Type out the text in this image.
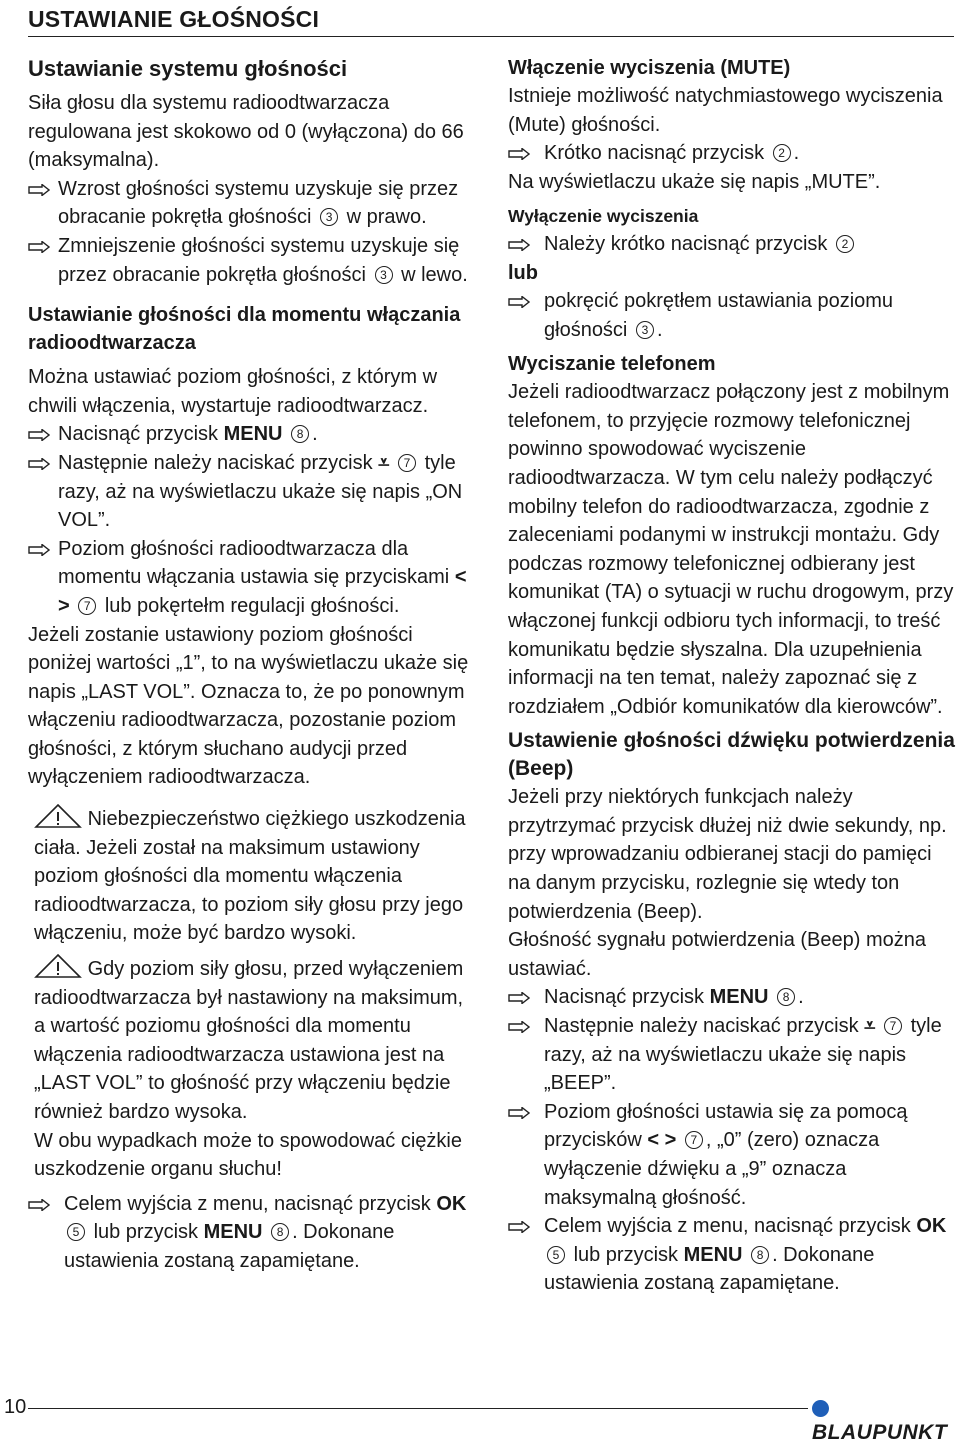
USTAWIANIE GŁOŚNOŚCI
Ustawianie systemu głośności

Siła głosu dla systemu radioodtwarzacza regulowana jest skokowo od 0 (wyłączona) do 66 (maksymalna).

Wzrost głośności systemu uzyskuje się przez obracanie pokrętła głośności 3 w prawo.
Zmniejszenie głośności systemu uzyskuje się przez obracanie pokrętła głośności 3 w lewo.
Ustawianie głośności dla momentu włączania radioodtwarzacza

Można ustawiać poziom głośności, z którym w chwili włączenia, wystartuje radioodtwarzacz.

Nacisnąć przycisk MENU 8 .
Następnie należy naciskać przycisk ⩡ 7 tyle razy, aż na wyświetlaczu ukaże się napis „ON VOL”.
Poziom głośności radioodtwarzacza dla momentu włączania ustawia się przyciskami < > 7 lub pokęrtełm regulacji głośności.

Jeżeli zostanie ustawiony poziom głośności poniżej wartości „1”, to na wyświetlaczu ukaże się napis „LAST VOL”. Oznacza to, że po ponownym włączeniu radioodtwarzacza, pozostanie poziom głośności, z którym słuchano audycji przed wyłączeniem radioodtwarzacza.

Niebezpieczeństwo ciężkiego uszkodzenia ciała. Jeżeli został na maksimum ustawiony poziom głośności dla momentu włączenia radioodtwarzacza, to poziom siły głosu przy jego włączeniu, może być bardzo wysoki.

Gdy poziom siły głosu, przed wyłączeniem radioodtwarzacza był nastawiony na maksimum, a wartość poziomu głośności dla momentu włączenia radioodtwarzacza ustawiona jest na „LAST VOL” to głośność przy włączeniu będzie również bardzo wysoka.

W obu wypadkach może to spowodować ciężkie uszkodzenie organu słuchu!

Celem wyjścia z menu, nacisnąć przycisk OK 5 lub przycisk MENU 8 . Dokonane ustawienia zostaną zapamiętane.
Włączenie wyciszenia (MUTE)

Istnieje możliwość natychmiastowego wyciszenia (Mute) głośności.

Krótko nacisnąć przycisk 2 .

Na wyświetlaczu ukaże się napis „MUTE”.

Wyłączenie wyciszenia
Należy krótko nacisnąć przycisk 2

lub

pokręcić pokrętłem ustawiania poziomu głośności 3 .
Wyciszanie telefonem

Jeżeli radioodtwarzacz połączony jest z mobilnym telefonem, to przyjęcie rozmowy telefonicznej powinno spowodować wyciszenie radioodtwarzacza. W tym celu należy podłączyć mobilny telefon do radioodtwarzacza, zgodnie z zaleceniami podanymi w instrukcji montażu. Gdy podczas rozmowy telefonicznej odbierany jest komunikat (TA) o sytuacji w ruchu drogowym, przy włączonej funkcji odbioru tych informacji, to treść komunikatu będzie słyszalna. Dla uzupełnienia informacji na ten temat, należy zapoznać się z rozdziałem „Odbiór komunikatów dla kierowców”.

Ustawienie głośności dźwięku potwierdzenia (Beep)

Jeżeli przy niektórych funkcjach należy przytrzymać przycisk dłużej niż dwie sekundy, np. przy wprowadzaniu odbieranej stacji do pamięci na danym przycisku, rozlegnie się wtedy ton potwierdzenia (Beep).

Głośność sygnału potwierdzenia (Beep) można ustawiać.

Nacisnąć przycisk MENU 8 .
Następnie należy naciskać przycisk ⩡ 7 tyle razy, aż na wyświetlaczu ukaże się napis „BEEP”.
Poziom głośności ustawia się za pomocą przycisków < > 7 , „0” (zero) oznacza wyłączenie dźwięku a „9” oznacza maksymalną głośność.
Celem wyjścia z menu, nacisnąć przycisk OK 5 lub przycisk MENU 8 . Dokonane ustawienia zostaną zapamiętane.
10
BLAUPUNKT
